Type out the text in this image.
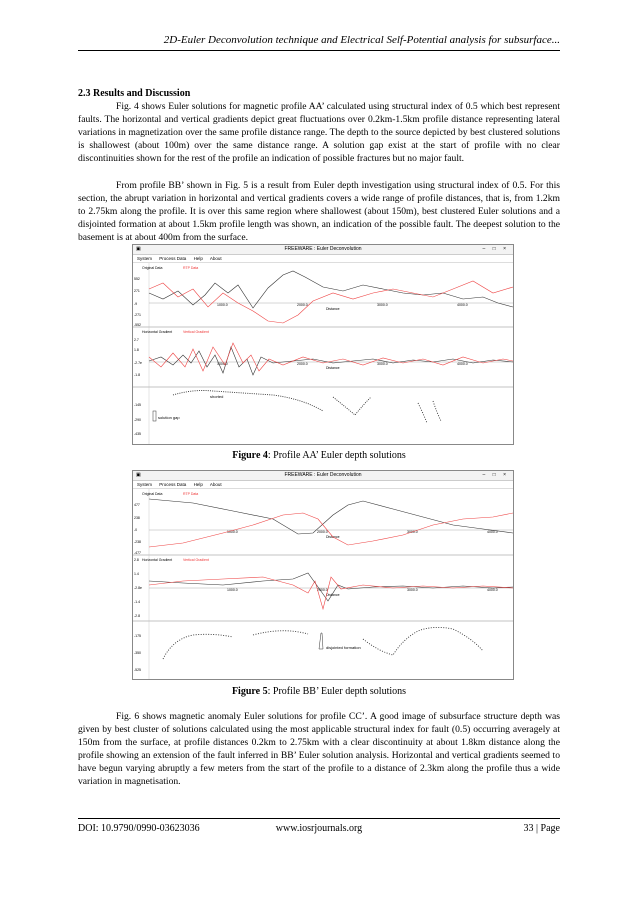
2D-Euler Deconvolution technique and Electrical Self-Potential analysis for subsurface...
2.3 Results and Discussion

Fig. 4 shows Euler solutions for magnetic profile AA’ calculated using structural index of 0.5 which best represent faults. The horizontal and vertical gradients depict great fluctuations over 0.2km-1.5km profile distance representing lateral variations in magnetization over the same profile distance range. The depth to the source depicted by best clustered solutions is shallowest (about 100m) over the same distance range. A solution gap exist at the start of profile with no clear discontinuities shown for the rest of the profile an indication of possible fractures but no major fault.

From profile BB’ shown in Fig. 5 is a result from Euler depth investigation using structural index of 0.5. For this section, the abrupt variation in horizontal and vertical gradients covers a wide range of profile distances, that is, from 1.2km to 2.75km along the profile. It is over this same region where shallowest (about 150m), best clustered Euler solutions and a disjointed formation at about 1.5km profile length was shown, an indication of the possible fault. The deepest solution to the basement is at about 400m from the surface.

▣	FREEWARE : Euler Deconvolution	– □ ×
System Process Data Help About
Original Data	RTP Data
552
271
-9
-271
-552
1000.0	2000.0	3000.0	4000.0
Distance
Horizontal Gradient	Vertical Gradient
2.7
1.8
-2.7e
-1.8
1000.0	2000.0	3000.0	4000.0
Distance
-145
-290
-435
shorted
solution gap
Figure 4: Profile AA’ Euler depth solutions
▣	FREEWARE : Euler Deconvolution	– □ ×
System Process Data Help About
Original Data	RTP Data
477
238
-0
-238
-477
1000.0	2000.0	3000.0	4000.0
Distance
Horizontal Gradient	Vertical Gradient
2.8
1.4
-2.8e
-1.4
-2.8
1000.0	2000.0	3000.0	4000.0
Distance
-175
-350
-525
disjointed formation
Figure 5: Profile BB’ Euler depth solutions

Fig. 6 shows magnetic anomaly Euler solutions for profile CC’. A good image of subsurface structure depth was given by best cluster of solutions calculated using the most applicable structural index for fault (0.5) occurring averagely at 150m from the surface, at profile distances 0.2km to 2.75km with a clear discontinuity at about 1.8km distance along the profile showing an extension of the fault inferred in BB’ Euler solution analysis. Horizontal and vertical gradients seemed to have begun varying abruptly a few meters from the start of the profile to a distance of 2.3km along the profile thus a wide variation in magnetisation.

DOI: 10.9790/0990-03623036	www.iosrjournals.org	33 | Page
